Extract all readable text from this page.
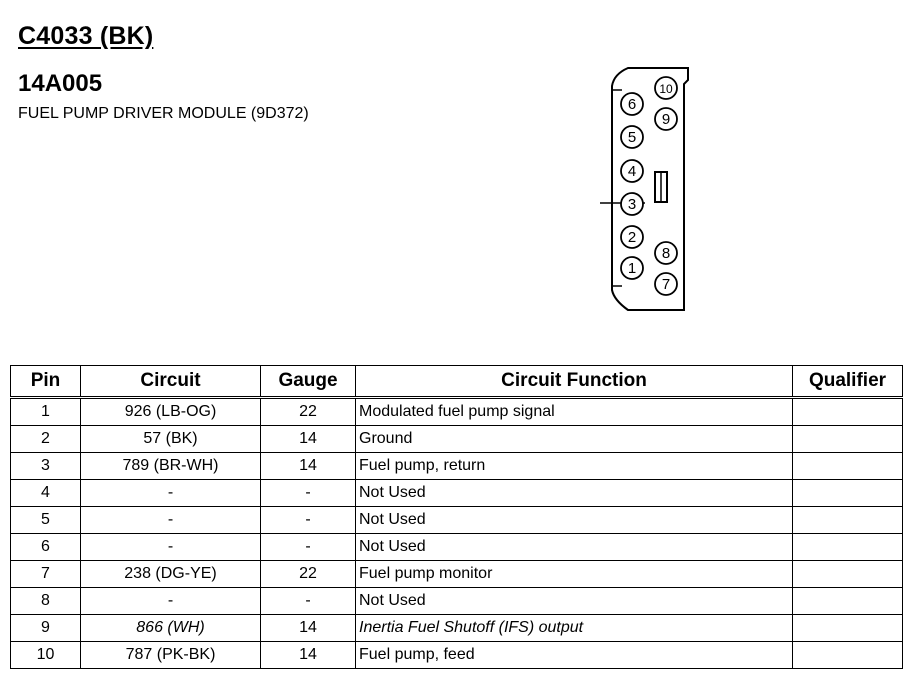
C4033 (BK)
14A005
FUEL PUMP DRIVER MODULE (9D372)
10
9
6
5
4
3
2
1
8
7
Pin	Circuit	Gauge	Circuit Function	Qualifier
1	926 (LB-OG)	22	Modulated fuel pump signal	
2	57 (BK)	14	Ground	
3	789 (BR-WH)	14	Fuel pump, return	
4	-	-	Not Used	
5	-	-	Not Used	
6	-	-	Not Used	
7	238 (DG-YE)	22	Fuel pump monitor	
8	-	-	Not Used	
9	866 (WH)	14	Inertia Fuel Shutoff (IFS) output	
10	787 (PK-BK)	14	Fuel pump, feed	
